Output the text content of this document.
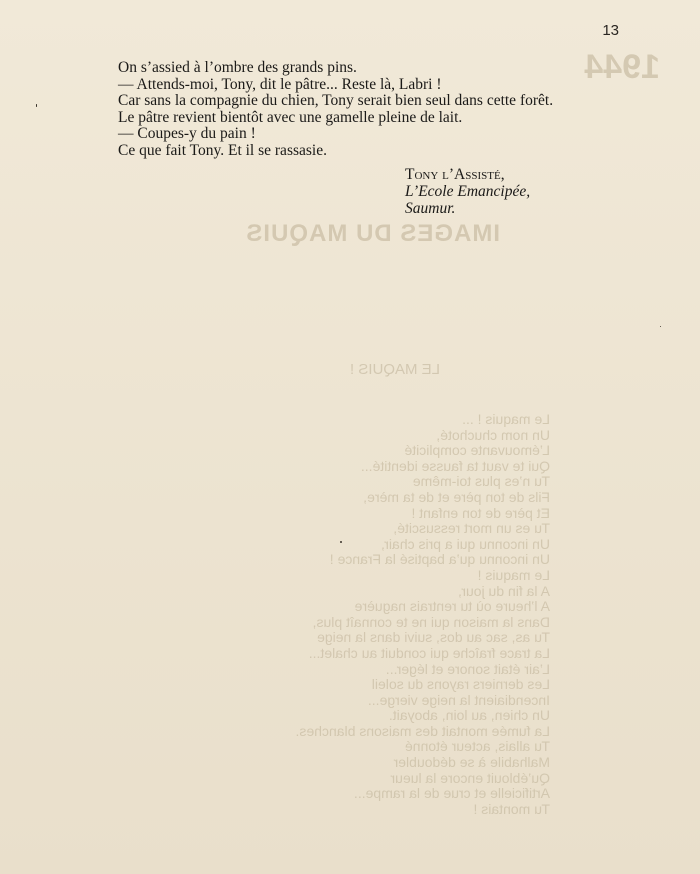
1944
IMAGES DU MAQUIS
LE MAQUIS !
Le maquis ! ...
Un nom chuchoté,
L’émouvante complicité
Qui te vaut ta fausse identité...
Tu n’es plus toi-même
Fils de ton père et de ta mère,
Et père de ton enfant !
Tu es un mort ressuscité,
Un inconnu qui a pris chair,
Un inconnu qu’a baptisé la France !
Le maquis !
A la fin du jour,
A l’heure où tu rentrais naguère
Dans la maison qui ne te connaît plus,
Tu as, sac au dos, suivi dans la neige
La trace fraîche qui conduit au chalet...
L’air était sonore et léger...
Les derniers rayons du soleil
Incendiaient la neige vierge...
Un chien, au loin, aboyait.
La fumée montait des maisons blanches.
Tu allais, acteur étonné
Malhabile à se dédoubler
Qu’éblouit encore la lueur
Artificielle et crue de la rampe...
Tu montais !
13

On s’assied à l’ombre des grands pins.

— Attends-moi, Tony, dit le pâtre... Reste là, Labri !

Car sans la compagnie du chien, Tony serait bien seul dans cette forêt.

Le pâtre revient bientôt avec une gamelle pleine de lait.

— Coupes-y du pain !

Ce que fait Tony. Et il se rassasie.

Tony l’Assisté,

L’Ecole Emancipée,

Saumur.
